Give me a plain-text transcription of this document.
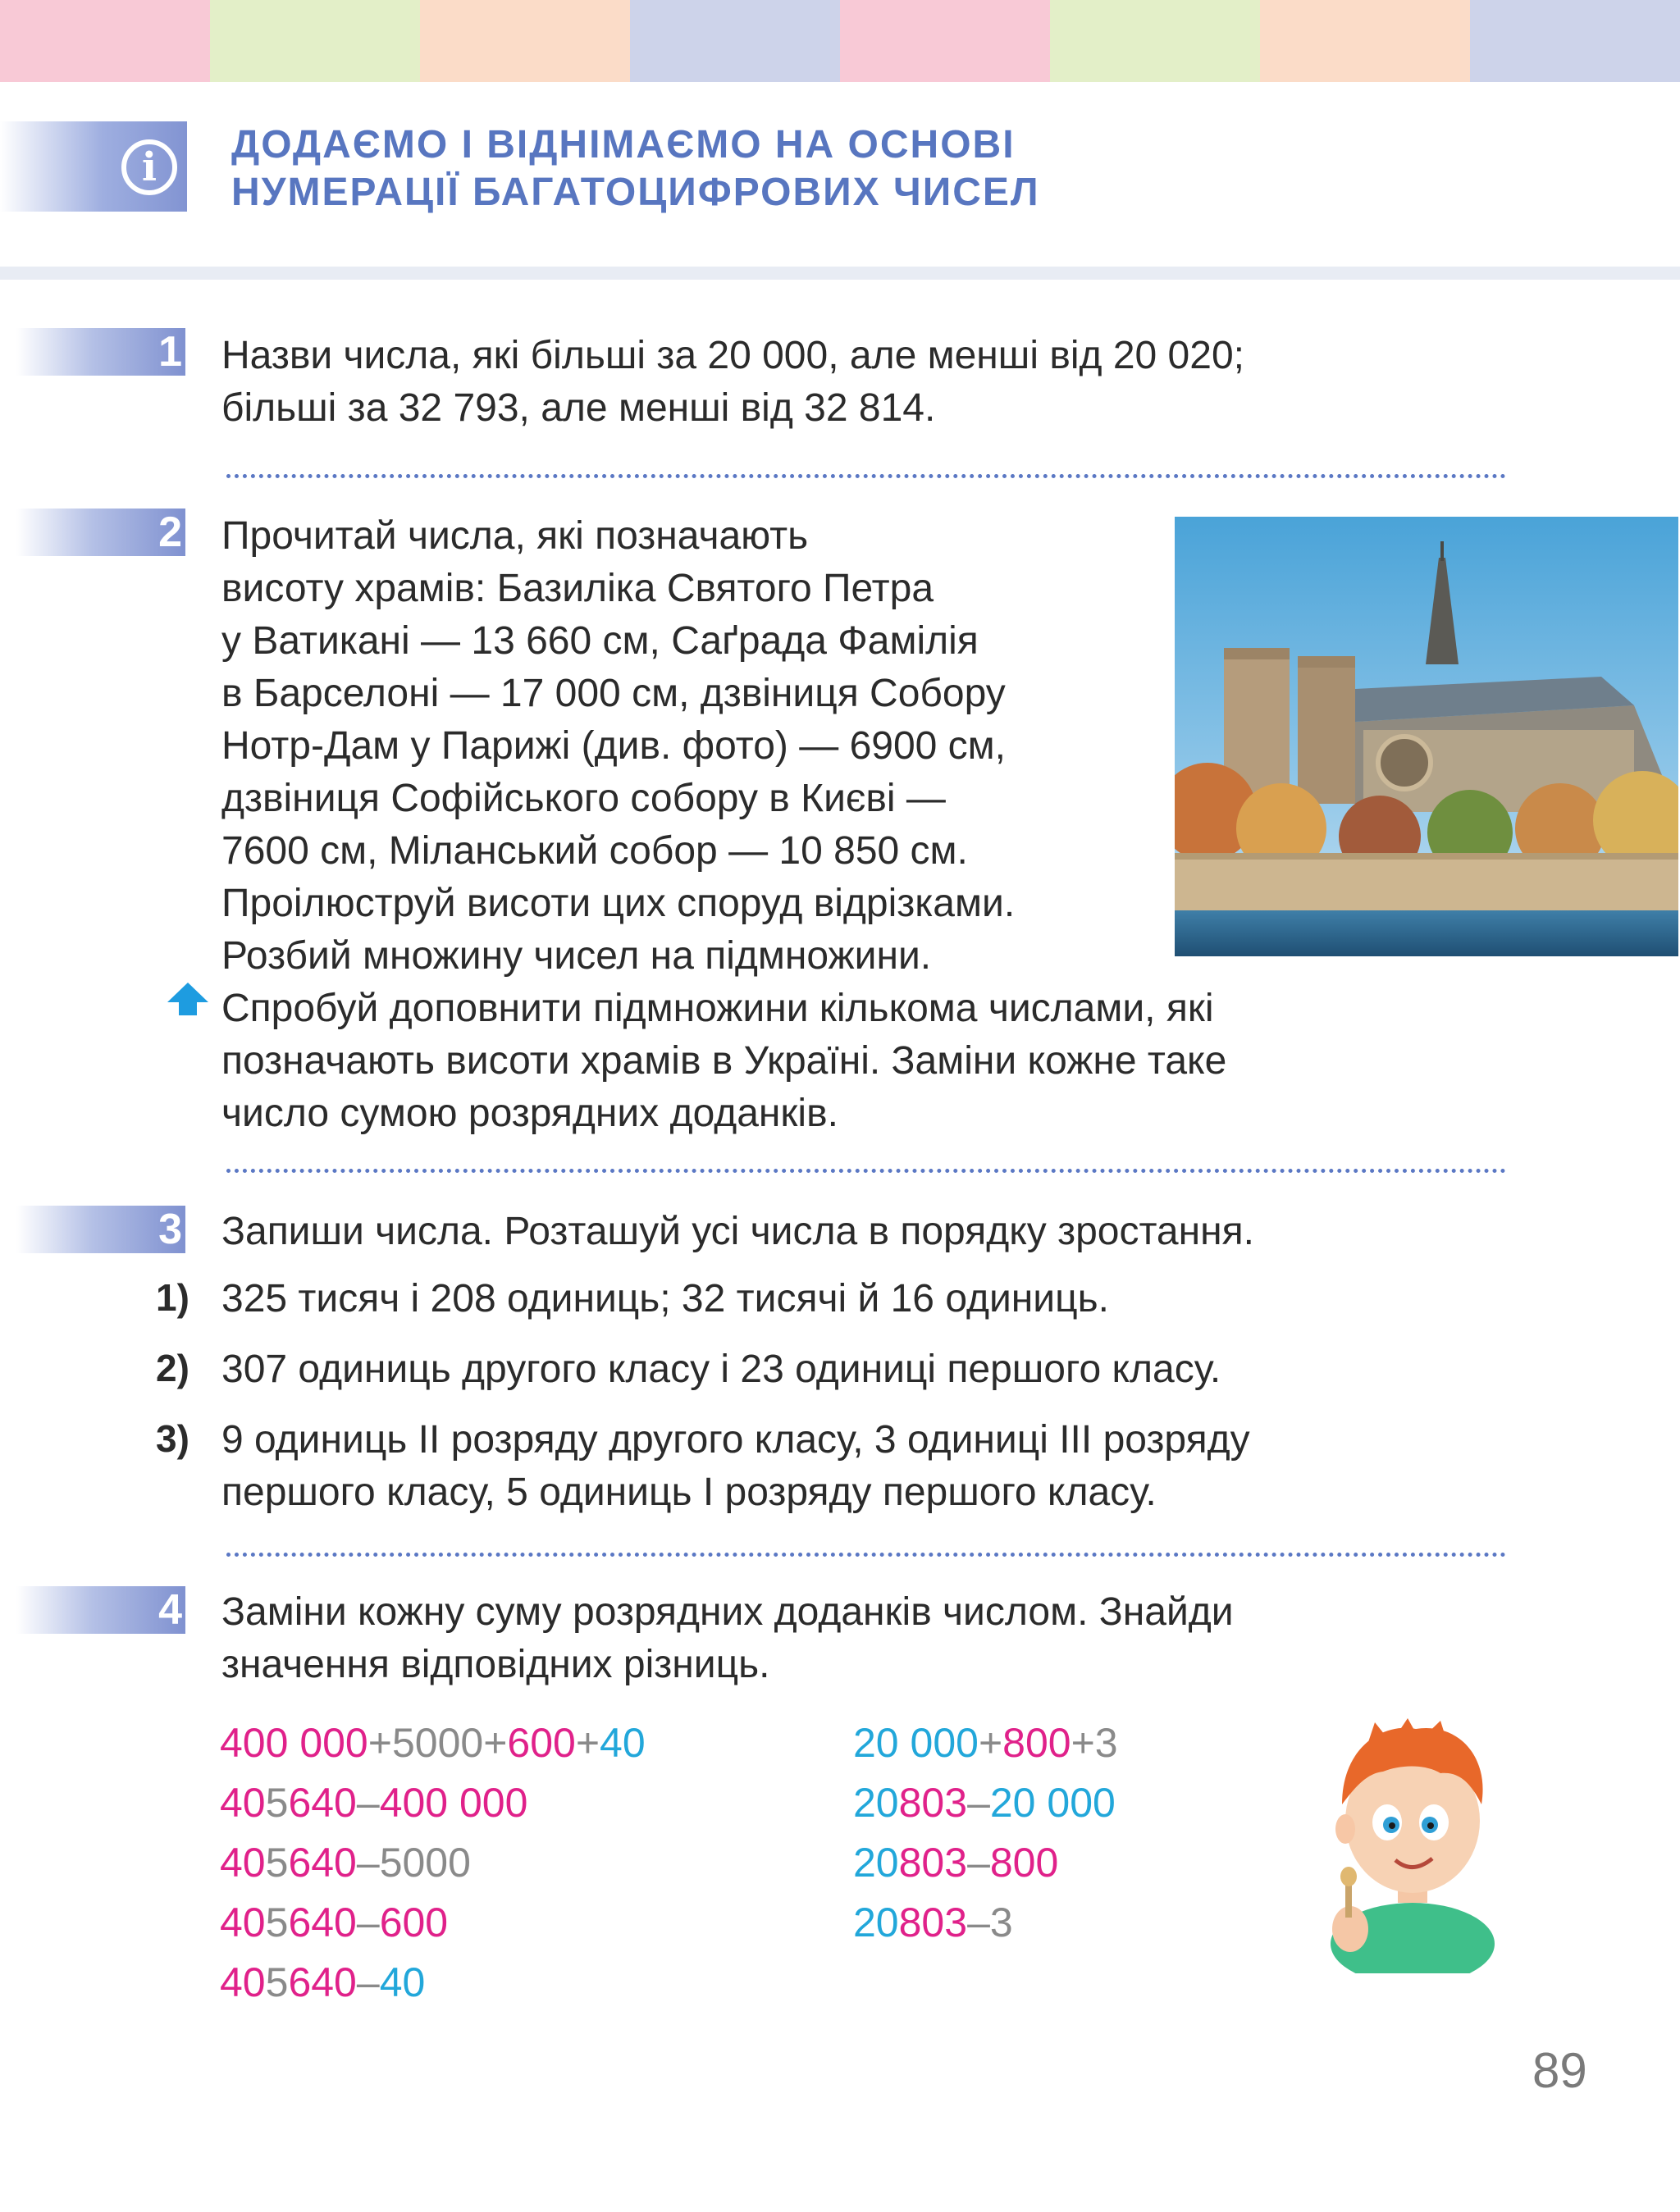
i	ДОДАЄМО І ВІДНІМАЄМО НА ОСНОВІ
НУМЕРАЦІЇ БАГАТОЦИФРОВИХ ЧИСЕЛ
1 Назви числа, які більші за 20 000, але менші від 20 020;

більші за 32 793, але менші від 32 814.

2 Прочитай числа, які позначають

висоту храмів: Базиліка Святого Петра

у Ватикані — 13 660 см, Саґрада Фамілія

в Барселоні — 17 000 см, дзвіниця Собору

Нотр-Дам у Парижі (див. фото) — 6900 см,

дзвіниця Софійського собору в Києві —

7600 см, Міланський собор — 10 850 см.

Проілюструй висоти цих споруд відрізками.

Розбий множину чисел на підмножини.

Спробуй доповнити підмножини кількома числами, які

позначають висоти храмів в Україні. Заміни кожне таке

число сумою розрядних доданків.

3 Запиши числа. Розташуй усі числа в порядку зростання.
1) 325 тисяч і 208 одиниць; 32 тисячі й 16 одиниць.
2) 307 одиниць другого класу і 23 одиниці першого класу.
3) 9 одиниць II розряду другого класу, 3 одиниці III розряду

першого класу, 5 одиниць I розряду першого класу.

4 Заміни кожну суму розрядних доданків числом. Знайди

значення відповідних різниць.

400 000+5000+600+40
405640–400 000
405640–5000
405640–600
405640–40
20 000+800+3
20803–20 000
20803–800
20803–3
89
